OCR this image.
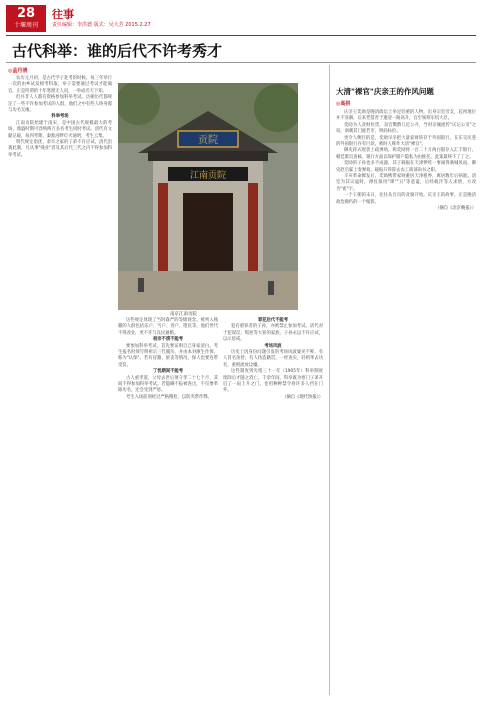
28
十堰周刊
往事
责任编辑：李洪德 版式：吴大芳 2015.2.27
古代科举：谁的后代不许考秀才
◎孟丹清

农历元月初，是古代学子赴考的时候。每三年举行一次的由乡试发榜考科取，举子需要通过考试才能做官，正是所谓的十年寒窗无人问，一举成名天下知。

但并非人人都有资格参加科举考试。历朝历代都规定了一些不许参加考试的人群，他们之中有些人终身都与功名无缘。

科举考场

江南贡院始建于南宋，是中国古代规模最大的考场，鼎盛时期可容纳两万多名考生同时考试。清代有文献记载，每到考期，秦淮河畔灯火通明，考生云集。

明代规定倡优、隶卒之家的子弟不许应试。清代沿袭此制，凡从事"贱业"者及其后代三代之内不得参加科举考试。

贡院
江南贡院
南京江南贡院

这些规定体现了当时森严的等级观念。被列入贱籍的人群包括乐户、丐户、疍户、堕民等，他们世代不得改业，更不许与良民通婚。

祖宗不清不能考

要参加科举考试，首先要证明自己身家清白。考生报名时须写明祖宗三代履历，并由本县廪生作保，称为"认保"。若有冒籍、匿丧等情况，保人也要连带受罚。

丁忧期间不能考

古人重孝道，父母去世后须守孝二十七个月，其间不得参加科举考试。若隐瞒不报被查出，不仅要革除功名，还会受到严惩。

考生入场前须经过严格搜检，以防夹带作弊。

罪犯后代不能考

犯有重罪者的子孙，亦被禁止参加考试。清代对于犯谋反、叛逆等大罪的家族，子孙永远不许应试，以示惩戒。

考场风波

历史上因身份问题引发的考场风波屡见不鲜。有人冒名顶替，有人伪造籍贯，一经查实，轻则革去功名，重则流放边疆。

这些制度到光绪三十一年（1905年）科举制度废除后才随之消亡。千余年间，科举既为寒门子弟开启了一扇上升之门，也用种种禁令将许多人挡在门外。

（摘自《现代快报》）
大清"裸官"庆亲王的作风问题
◎高拱

庆亲王奕劻是晚清政坛上举足轻重的人物，出身宗室旁支，起初地位并不显赫，后来凭借善于逢迎一路高升，官至领班军机大臣。

奕劻为人贪财好货，卖官鬻爵几近公开，当时京城流传"庆记公司"之说，讽刺其门庭若市、明码标价。

更令人侧目的是，奕劻早早把大量家财转存于外国银行，在东交民巷的外国银行存有巨款，被时人称作大清"裸官"。

御史蒋式瑆曾上疏弹劾，称奕劻将一百二十万两白银存入汇丰银行。朝廷派员查核，银行方面以保护储户隐私为由推托，此案最终不了了之。

奕劻的子孙也多不成器，其子载振在天津狎妓一事闹得满城风雨，御史赵启霖上奏弹劾，载振只得辞去农工商部尚书之职。

辛亥革命爆发后，奕劻携带家财避居天津租界，寓居数年后病逝。清室为其议谥时，溥仪拟用"谬""丑"等恶谥，后经载沣等人求情，方改为"密"字。

一个王朝的末日，往往从官员的贪腐开始。庆亲王的故事，正是晚清政治腐朽的一个缩影。

（摘自《北京晚报》）
